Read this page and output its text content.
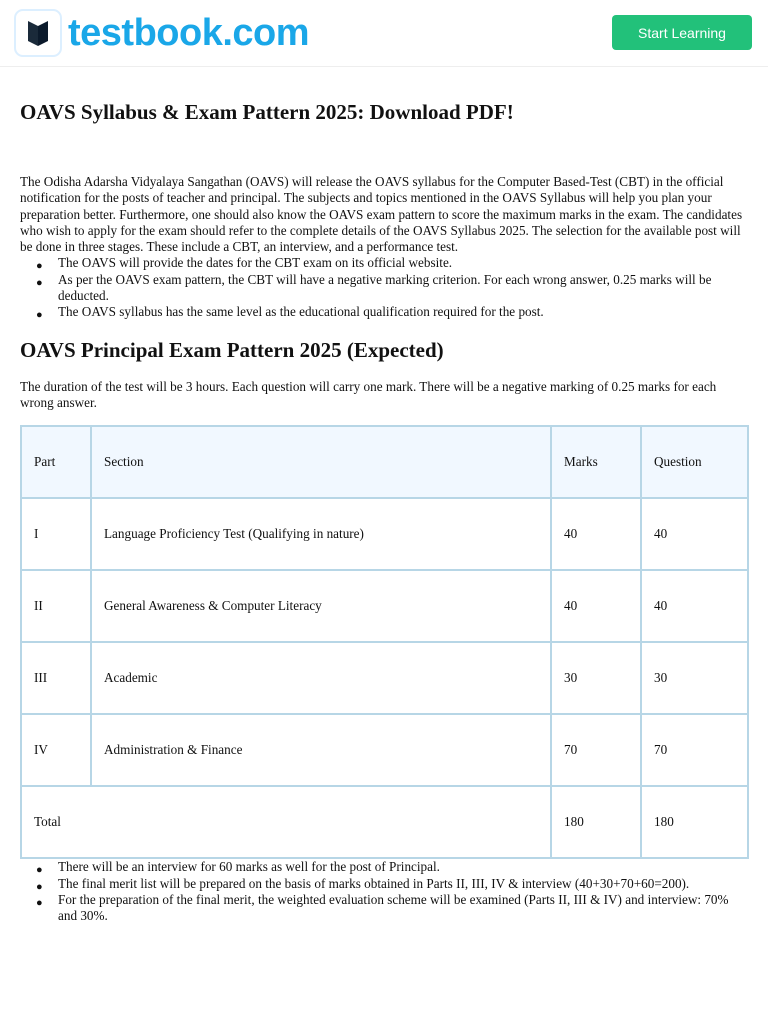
testbook.com	Start Learning
OAVS Syllabus & Exam Pattern 2025: Download PDF!

The Odisha Adarsha Vidyalaya Sangathan (OAVS) will release the OAVS syllabus for the Computer Based-Test (CBT) in the official notification for the posts of teacher and principal. The subjects and topics mentioned in the OAVS Syllabus will help you plan your preparation better. Furthermore, one should also know the OAVS exam pattern to score the maximum marks in the exam. The candidates who wish to apply for the exam should refer to the complete details of the OAVS Syllabus 2025. The selection for the available post will be done in three stages. These include a CBT, an interview, and a performance test.

● The OAVS will provide the dates for the CBT exam on its official website.
● As per the OAVS exam pattern, the CBT will have a negative marking criterion. For each wrong answer, 0.25 marks will be deducted.
● The OAVS syllabus has the same level as the educational qualification required for the post.
OAVS Principal Exam Pattern 2025 (Expected)

The duration of the test will be 3 hours. Each question will carry one mark. There will be a negative marking of 0.25 marks for each wrong answer.

Part	Section	Marks	Question
I	Language Proficiency Test (Qualifying in nature)	40	40
II	General Awareness & Computer Literacy	40	40
III	Academic	30	30
IV	Administration & Finance	70	70
Total		180	180
● There will be an interview for 60 marks as well for the post of Principal.
● The final merit list will be prepared on the basis of marks obtained in Parts II, III, IV & interview (40+30+70+60=200).
● For the preparation of the final merit, the weighted evaluation scheme will be examined (Parts II, III & IV) and interview: 70% and 30%.
